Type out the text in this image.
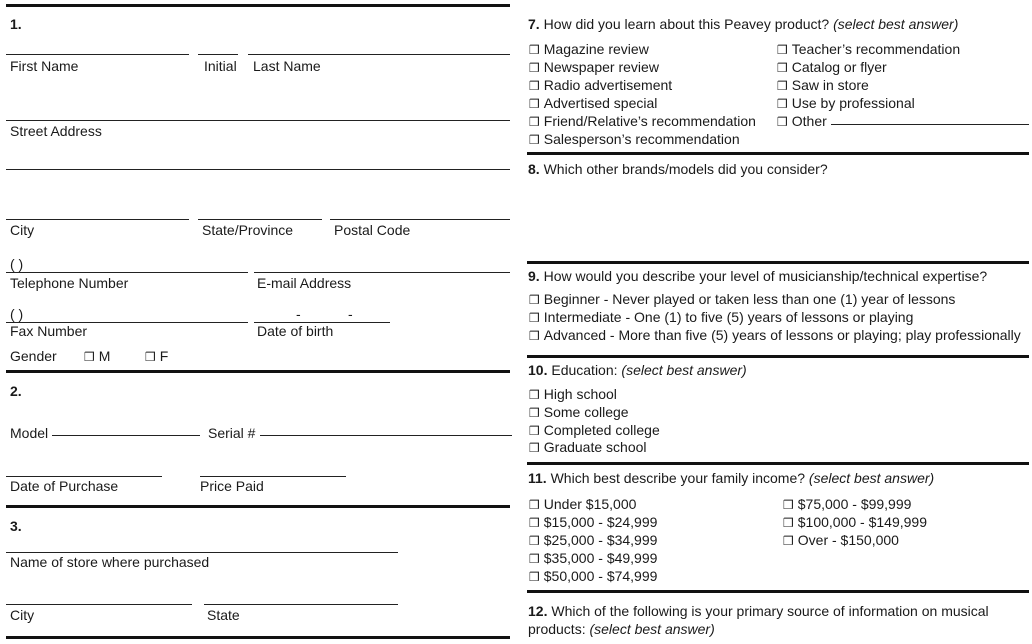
1.
First Name	Initial Last Name
Street Address
City	State/Province	Postal Code
( )
Telephone Number	E-mail Address
( )	-	-
Fax Number	Date of birth
Gender ❒ M	❒ F
2.
Model	Serial #
Date of Purchase	Price Paid
3.
Name of store where purchased
City	State
7. How did you learn about this Peavey product? (select best answer)
❒ Magazine review
❒ Newspaper review
❒ Radio advertisement
❒ Advertised special
❒ Friend/Relative’s recommendation
❒ Salesperson’s recommendation
❒ Teacher’s recommendation
❒ Catalog or flyer
❒ Saw in store
❒ Use by professional
❒ Other
8. Which other brands/models did you consider?
9. How would you describe your level of musicianship/technical expertise?
❒ Beginner - Never played or taken less than one (1) year of lessons
❒ Intermediate - One (1) to five (5) years of lessons or playing
❒ Advanced - More than five (5) years of lessons or playing; play professionally
10. Education: (select best answer)
❒ High school
❒ Some college
❒ Completed college
❒ Graduate school
11. Which best describe your family income? (select best answer)
❒ Under $15,000
❒ $15,000 - $24,999
❒ $25,000 - $34,999
❒ $35,000 - $49,999
❒ $50,000 - $74,999
❒ $75,000 - $99,999
❒ $100,000 - $149,999
❒ Over - $150,000
12. Which of the following is your primary source of information on musical
products: (select best answer)
